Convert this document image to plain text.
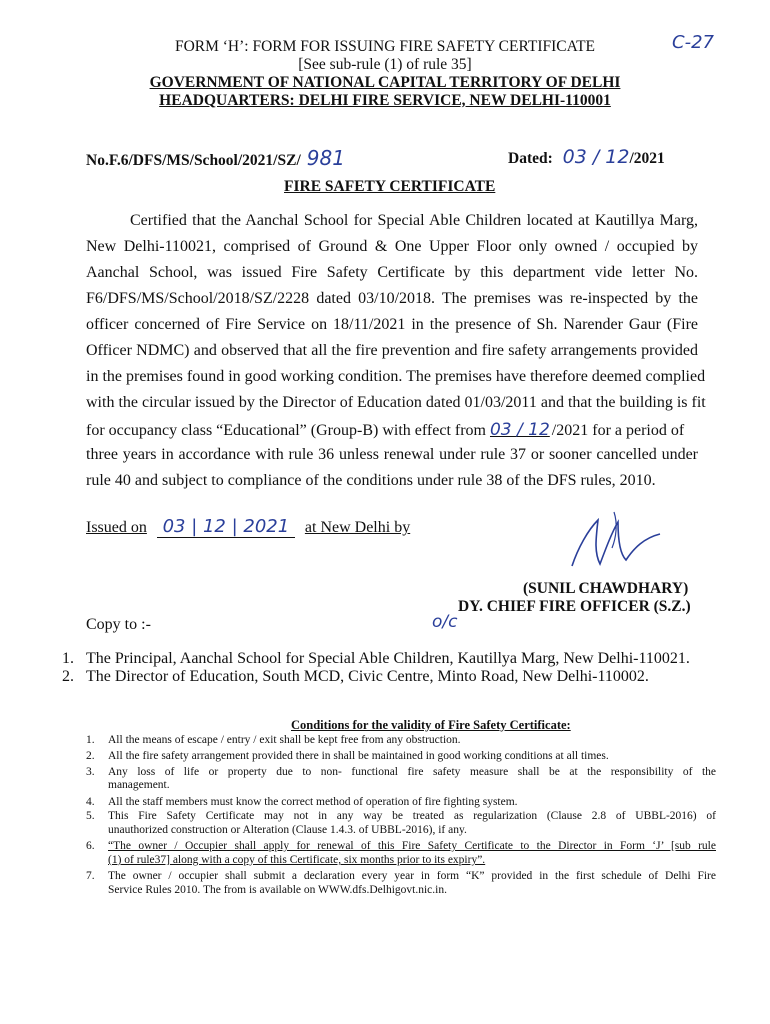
FORM ‘H’: FORM FOR ISSUING FIRE SAFETY CERTIFICATE	C-27
[See sub-rule (1) of rule 35]
GOVERNMENT OF NATIONAL CAPITAL TERRITORY OF DELHI
HEADQUARTERS: DELHI FIRE SERVICE, NEW DELHI-110001
No.F.6/DFS/MS/School/2021/SZ/ 981	Dated: 03 / 12/2021
FIRE SAFETY CERTIFICATE
Certified that the Aanchal School for Special Able Children located at Kautillya Marg,
New Delhi-110021, comprised of Ground & One Upper Floor only owned / occupied by
Aanchal School, was issued Fire Safety Certificate by this department vide letter No.
F6/DFS/MS/School/2018/SZ/2228 dated 03/10/2018. The premises was re-inspected by the
officer concerned of Fire Service on 18/11/2021 in the presence of Sh. Narender Gaur (Fire
Officer NDMC) and observed that all the fire prevention and fire safety arrangements provided
in the premises found in good working condition. The premises have therefore deemed complied
with the circular issued by the Director of Education dated 01/03/2011 and that the building is fit
for occupancy class “Educational” (Group-B) with effect from 03 / 12 /2021 for a period of
three years in accordance with rule 36 unless renewal under rule 37 or sooner cancelled under
rule 40 and subject to compliance of the conditions under rule 38 of the DFS rules, 2010.
Issued on 03 | 12 | 2021 at New Delhi by
(SUNIL CHAWDHARY)
DY. CHIEF FIRE OFFICER (S.Z.)
o/c
Copy to :-
1. The Principal, Aanchal School for Special Able Children, Kautillya Marg, New Delhi-110021.
2. The Director of Education, South MCD, Civic Centre, Minto Road, New Delhi-110002.
Conditions for the validity of Fire Safety Certificate:
1. All the means of escape / entry / exit shall be kept free from any obstruction.
2. All the fire safety arrangement provided there in shall be maintained in good working conditions at all times.
3. Any loss of life or property due to non- functional fire safety measure shall be at the responsibility of the
management.
4. All the staff members must know the correct method of operation of fire fighting system.
5. This Fire Safety Certificate may not in any way be treated as regularization (Clause 2.8 of UBBL-2016) of
unauthorized construction or Alteration (Clause 1.4.3. of UBBL-2016), if any.
6. “The owner / Occupier shall apply for renewal of this Fire Safety Certificate to the Director in Form ‘J’ [sub rule
(1) of rule37] along with a copy of this Certificate, six months prior to its expiry”.
7. The owner / occupier shall submit a declaration every year in form “K” provided in the first schedule of Delhi Fire
Service Rules 2010. The from is available on WWW.dfs.Delhigovt.nic.in.
